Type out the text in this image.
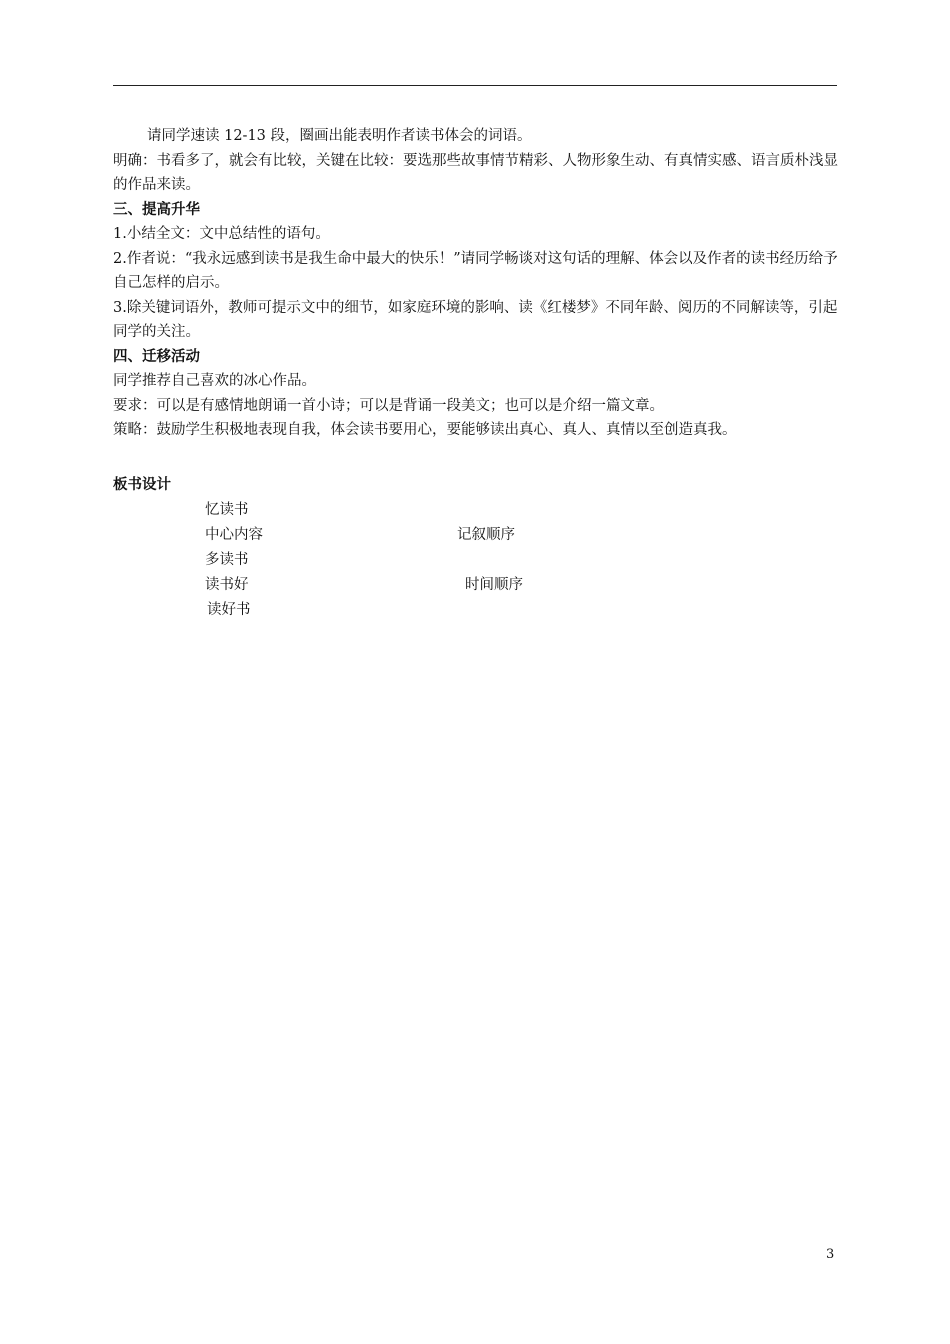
请同学速读 12-13 段，圈画出能表明作者读书体会的词语。

明确：书看多了，就会有比较，关键在比较：要选那些故事情节精彩、人物形象生动、有真情实感、语言质朴浅显的作品来读。

三、提高升华

1.小结全文：文中总结性的语句。

2.作者说：“我永远感到读书是我生命中最大的快乐！”请同学畅谈对这句话的理解、体会以及作者的读书经历给予自己怎样的启示。

3.除关键词语外，教师可提示文中的细节，如家庭环境的影响、读《红楼梦》不同年龄、阅历的不同解读等，引起同学的关注。

四、迁移活动

同学推荐自己喜欢的冰心作品。

要求：可以是有感情地朗诵一首小诗；可以是背诵一段美文；也可以是介绍一篇文章。

策略：鼓励学生积极地表现自我，体会读书要用心，要能够读出真心、真人、真情以至创造真我。

板书设计
忆读书
中心内容
多读书
读书好
读好书
记叙顺序
时间顺序
3
